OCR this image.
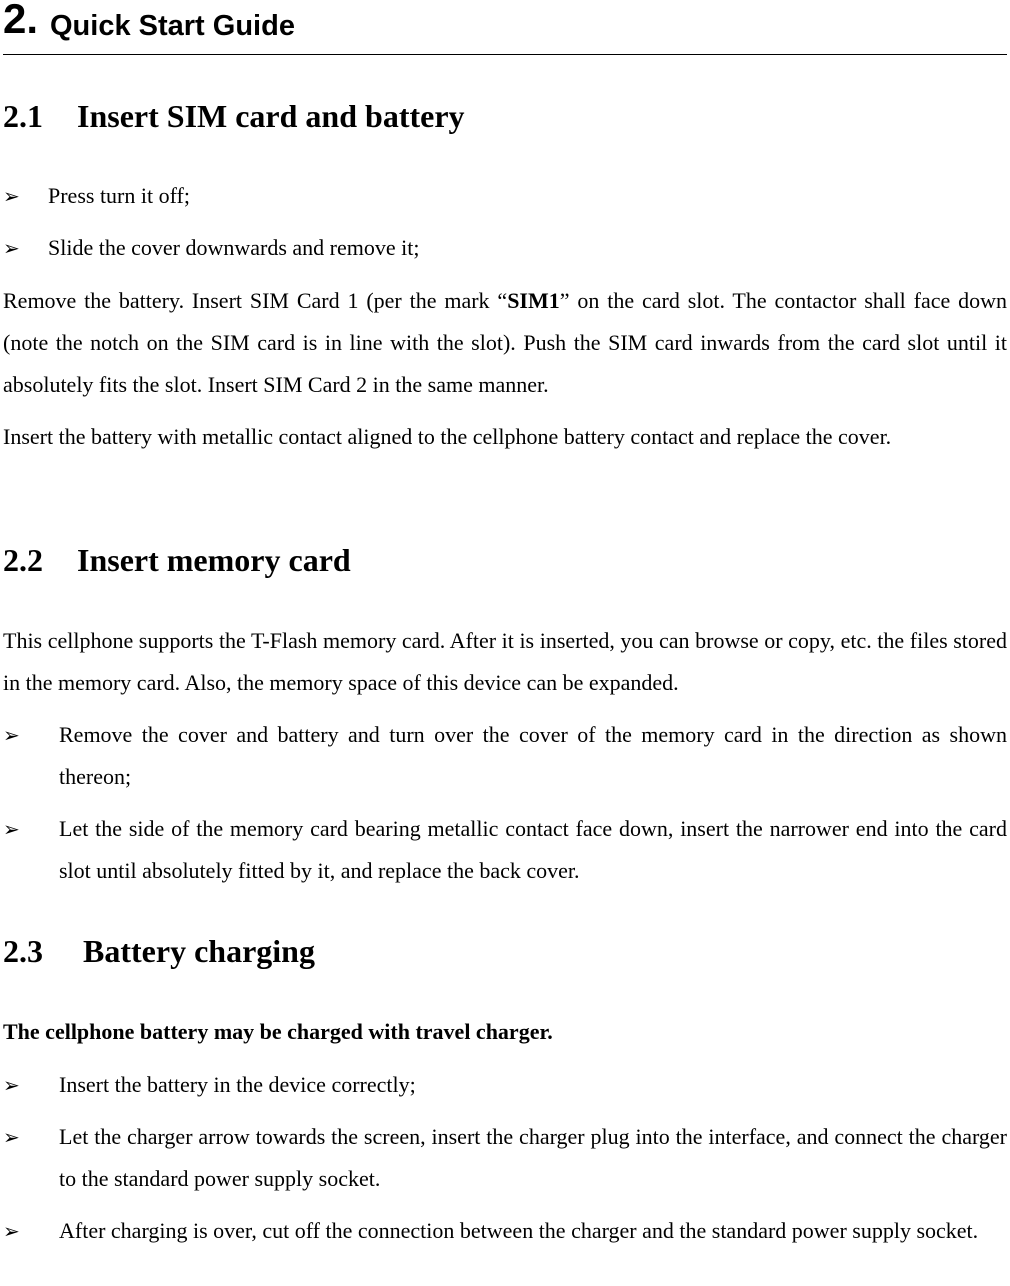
2. Quick Start Guide
2.1 Insert SIM card and battery
➢	Press turn it off;
➢	Slide the cover downwards and remove it;
Remove the battery. Insert SIM Card 1 (per the mark “SIM1” on the card slot. The contactor shall face down (note the notch on the SIM card is in line with the slot). Push the SIM card inwards from the card slot until it absolutely fits the slot. Insert SIM Card 2 in the same manner.
Insert the battery with metallic contact aligned to the cellphone battery contact and replace the cover.
2.2 Insert memory card
This cellphone supports the T-Flash memory card. After it is inserted, you can browse or copy, etc. the files stored in the memory card. Also, the memory space of this device can be expanded.
➢	Remove the cover and battery and turn over the cover of the memory card in the direction as shown thereon;
➢	Let the side of the memory card bearing metallic contact face down, insert the narrower end into the card slot until absolutely fitted by it, and replace the back cover.
2.3 Battery charging
The cellphone battery may be charged with travel charger.
➢	Insert the battery in the device correctly;
➢	Let the charger arrow towards the screen, insert the charger plug into the interface, and connect the charger to the standard power supply socket.
➢	After charging is over, cut off the connection between the charger and the standard power supply socket.
